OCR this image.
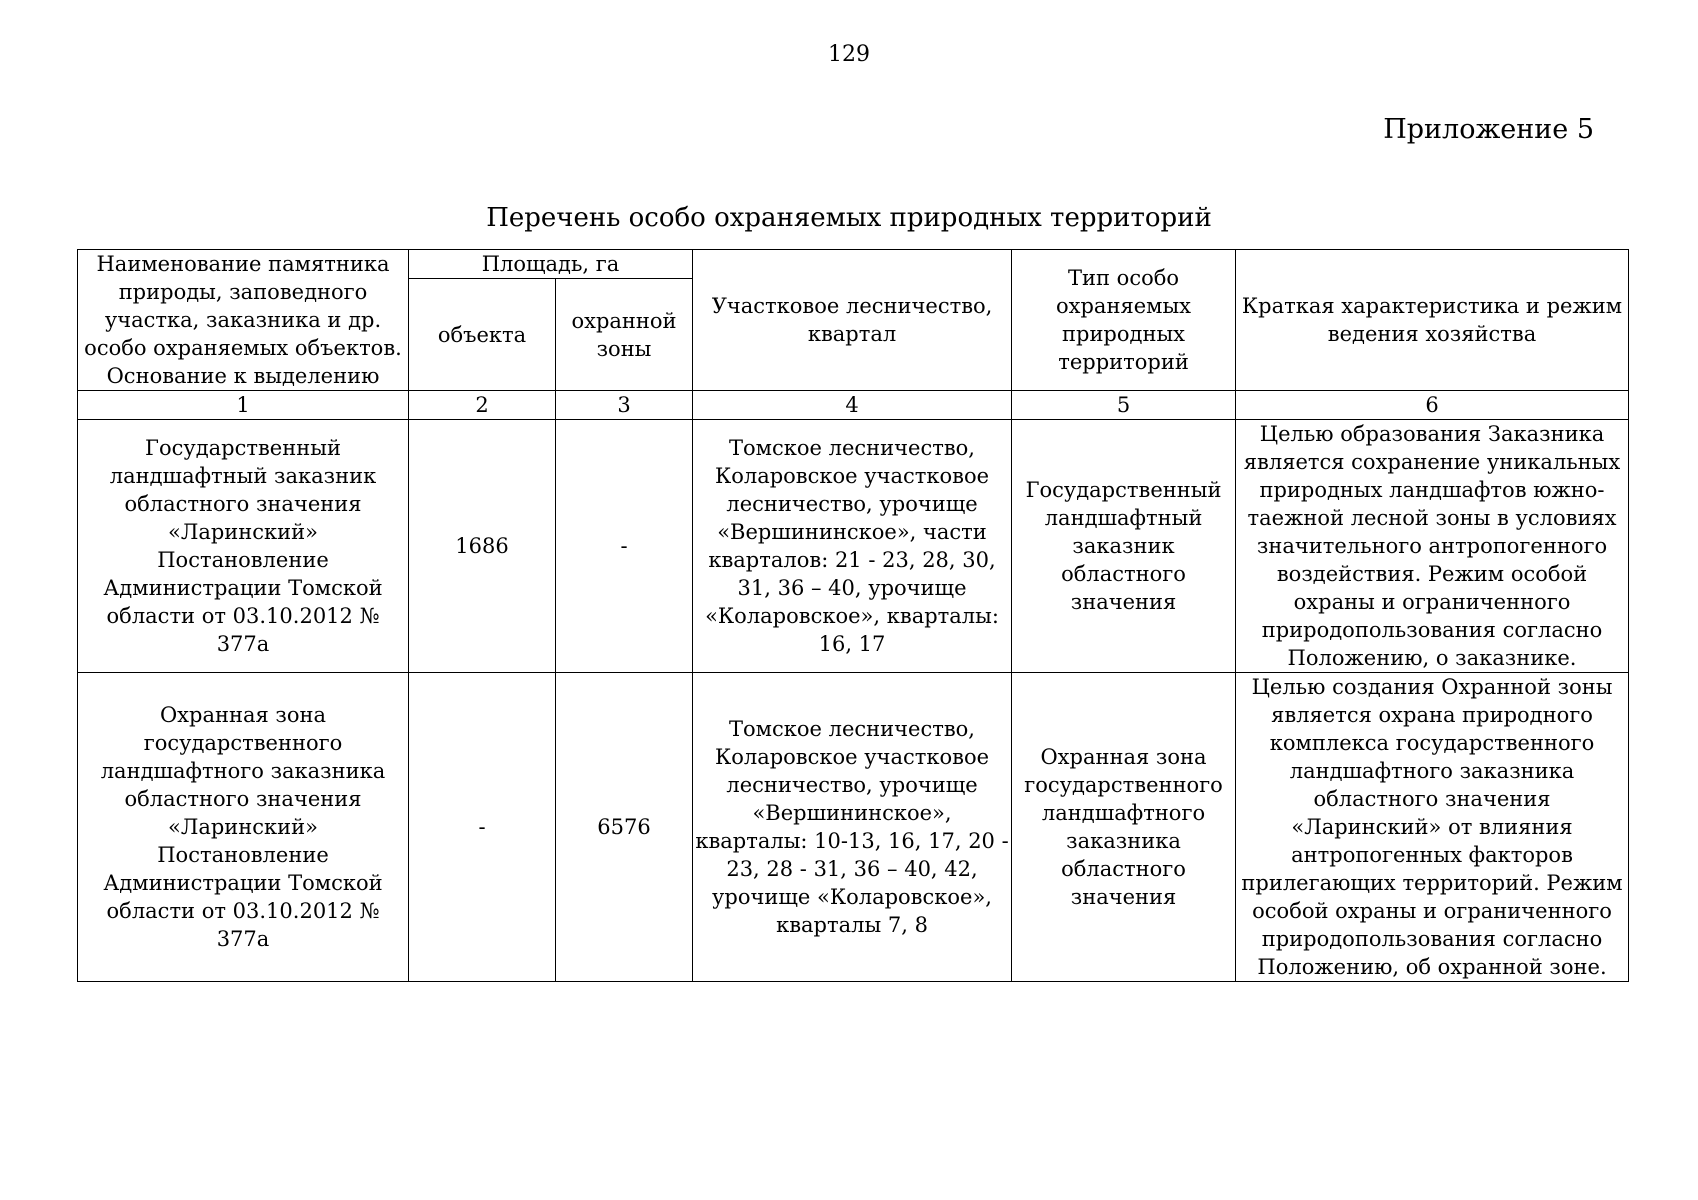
129
Приложение 5
Перечень особо охраняемых природных территорий
Наименование памятника природы, заповедного участка, заказника и др. особо охраняемых объектов. Основание к выделению	Площадь, га		Участковое лесничество, квартал	Тип особо охраняемых природных территорий	Краткая характеристика и режим ведения хозяйства
	объекта	охранной зоны			
1	2	3	4	5	6
Государственный ландшафтный заказник областного значения «Ларинский» Постановление Администрации Томской области от 03.10.2012 № 377а	1686	-	Томское лесничество, Коларовское участковое лесничество, урочище «Вершининское», части кварталов: 21 - 23, 28, 30, 31, 36 – 40, урочище «Коларовское», кварталы: 16, 17	Государственный ландшафтный заказник областного значения	Целью образования Заказника является сохранение уникальных природных ландшафтов южно-таежной лесной зоны в условиях значительного антропогенного воздействия. Режим особой охраны и ограниченного природопользования согласно Положению, о заказнике.
Охранная зона государственного ландшафтного заказника областного значения «Ларинский» Постановление Администрации Томской области от 03.10.2012 № 377а	-	6576	Томское лесничество, Коларовское участковое лесничество, урочище «Вершининское», кварталы: 10-13, 16, 17, 20 - 23, 28 - 31, 36 – 40, 42, урочище «Коларовское», кварталы 7, 8	Охранная зона государственного ландшафтного заказника областного значения	Целью создания Охранной зоны является охрана природного комплекса государственного ландшафтного заказника областного значения «Ларинский» от влияния антропогенных факторов прилегающих территорий. Режим особой охраны и ограниченного природопользования согласно Положению, об охранной зоне.
